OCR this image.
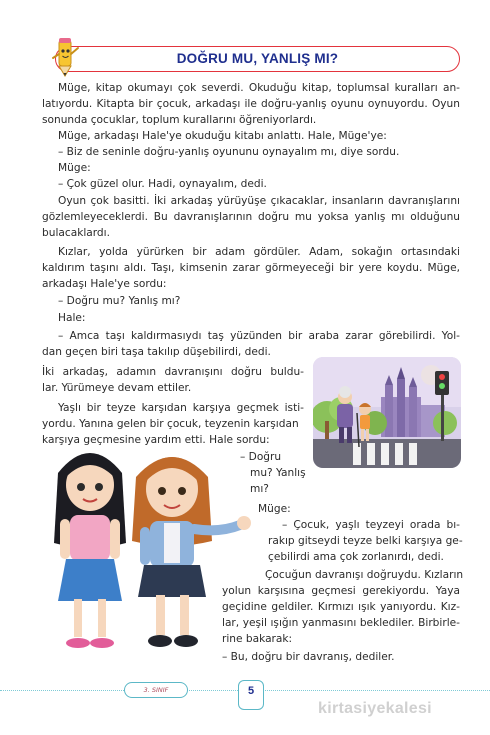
DOĞRU MU, YANLIŞ MI?
Müge, kitap okumayı çok severdi. Okuduğu kitap, toplumsal kuralları an-
latıyordu. Kitapta bir çocuk, arkadaşı ile doğru-yanlış oyunu oynuyordu. Oyun
sonunda çocuklar, toplum kurallarını öğreniyorlardı.
Müge, arkadaşı Hale'ye okuduğu kitabı anlattı. Hale, Müge'ye:
– Biz de seninle doğru-yanlış oyununu oynayalım mı, diye sordu.
Müge:
– Çok güzel olur. Hadi, oynayalım, dedi.
Oyun çok basitti. İki arkadaş yürüyüşe çıkacaklar, insanların davranışlarını
gözlemleyeceklerdi. Bu davranışlarının doğru mu yoksa yanlış mı olduğunu
bulacaklardı.
Kızlar, yolda yürürken bir adam gördüler. Adam, sokağın ortasındaki
kaldırım taşını aldı. Taşı, kimsenin zarar görmeyeceği bir yere koydu. Müge,
arkadaşı Hale'ye sordu:
– Doğru mu? Yanlış mı?
Hale:
– Amca taşı kaldırmasıydı taş yüzünden bir araba zarar görebilirdi. Yol-
dan geçen biri taşa takılıp düşebilirdi, dedi.
İki arkadaş, adamın davranışını doğru buldu-
lar. Yürümeye devam ettiler.
Yaşlı bir teyze karşıdan karşıya geçmek isti-
yordu. Yanına gelen bir çocuk, teyzenin karşıdan
karşıya geçmesine yardım etti. Hale sordu:
– Doğru
mu? Yanlış
mı?
Müge:
– Çocuk, yaşlı teyzeyi orada bı-
rakıp gitseydi teyze belki karşıya ge-
çebilirdi ama çok zorlanırdı, dedi.
Çocuğun davranışı doğruydu. Kızların
yolun karşısına geçmesi gerekiyordu. Yaya
geçidine geldiler. Kırmızı ışık yanıyordu. Kız-
lar, yeşil ışığın yanmasını beklediler. Birbirle-
rine bakarak:
– Bu, doğru bir davranış, dediler.
3. SINIF	5
kirtasiyekalesi
